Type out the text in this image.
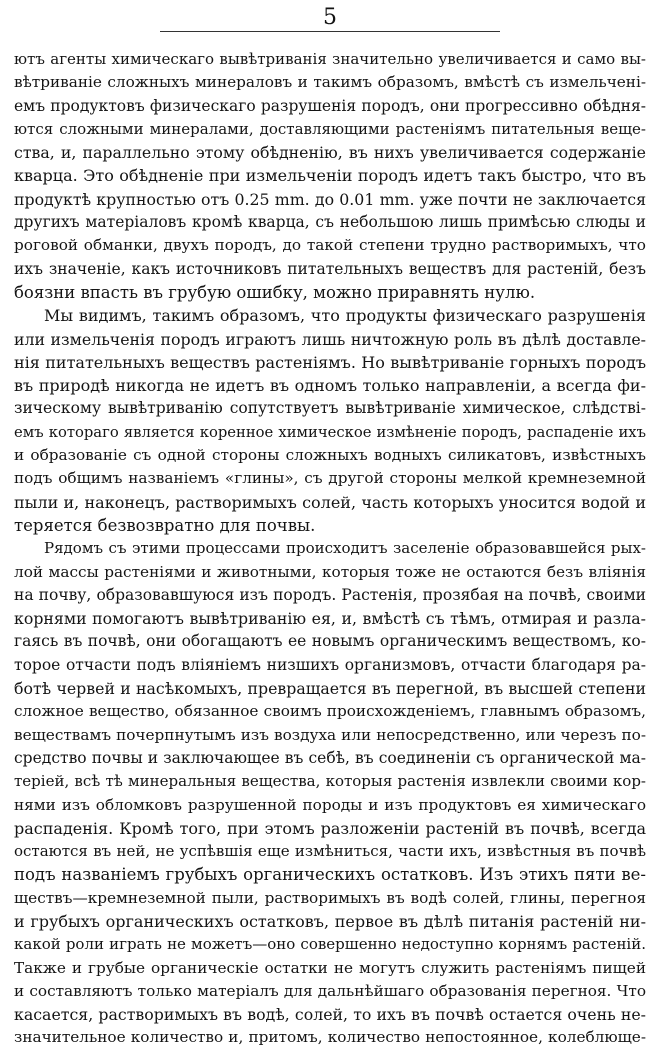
5
ютъ агенты химическаго вывѣтриванія значительно увеличивается и само вы-
вѣтриваніе сложныхъ минераловъ и такимъ образомъ, вмѣстѣ съ измельчені-
емъ продуктовъ физическаго разрушенія породъ, они прогрессивно обѣдня-
ются сложными минералами, доставляющими растеніямъ питательныя веще-
ства, и, параллельно этому обѣдненію, въ нихъ увеличивается содержаніе
кварца. Это обѣдненіе при измельченіи породъ идетъ такъ быстро, что въ
продуктѣ крупностью отъ 0.25 mm. до 0.01 mm. уже почти не заключается
другихъ матеріаловъ кромѣ кварца, съ небольшою лишь примѣсью слюды и
роговой обманки, двухъ породъ, до такой степени трудно растворимыхъ, что
ихъ значеніе, какъ источниковъ питательныхъ веществъ для растеній, безъ
боязни впасть въ грубую ошибку, можно приравнять нулю.
Мы видимъ, такимъ образомъ, что продукты физическаго разрушенія
или измельченія породъ играютъ лишь ничтожную роль въ дѣлѣ доставле-
нія питательныхъ веществъ растеніямъ. Но вывѣтриваніе горныхъ породъ
въ природѣ никогда не идетъ въ одномъ только направленіи, а всегда фи-
зическому вывѣтриванію сопутствуетъ вывѣтриваніе химическое, слѣдстві-
емъ котораго является коренное химическое измѣненіе породъ, распаденіе ихъ
и образованіе съ одной стороны сложныхъ водныхъ силикатовъ, извѣстныхъ
подъ общимъ названіемъ «глины», съ другой стороны мелкой кремнеземной
пыли и, наконецъ, растворимыхъ солей, часть которыхъ уносится водой и
теряется безвозвратно для почвы.
Рядомъ съ этими процессами происходитъ заселеніе образовавшейся рых-
лой массы растеніями и животными, которыя тоже не остаются безъ вліянія
на почву, образовавшуюся изъ породъ. Растенія, прозябая на почвѣ, своими
корнями помогаютъ вывѣтриванію ея, и, вмѣстѣ съ тѣмъ, отмирая и разла-
гаясь въ почвѣ, они обогащаютъ ее новымъ органическимъ веществомъ, ко-
торое отчасти подъ вліяніемъ низшихъ организмовъ, отчасти благодаря ра-
ботѣ червей и насѣкомыхъ, превращается въ перегной, въ высшей степени
сложное вещество, обязанное своимъ происхожденіемъ, главнымъ образомъ,
веществамъ почерпнутымъ изъ воздуха или непосредственно, или черезъ по-
средство почвы и заключающее въ себѣ, въ соединеніи съ органической ма-
теріей, всѣ тѣ минеральныя вещества, которыя растенія извлекли своими кор-
нями изъ обломковъ разрушенной породы и изъ продуктовъ ея химическаго
распаденія. Кромѣ того, при этомъ разложеніи растеній въ почвѣ, всегда
остаются въ ней, не успѣвшія еще измѣниться, части ихъ, извѣстныя въ почвѣ
подъ названіемъ грубыхъ органическихъ остатковъ. Изъ этихъ пяти ве-
ществъ—кремнеземной пыли, растворимыхъ въ водѣ солей, глины, перегноя
и грубыхъ органическихъ остатковъ, первое въ дѣлѣ питанія растеній ни-
какой роли играть не можетъ—оно совершенно недоступно корнямъ растеній.
Также и грубые органическіе остатки не могутъ служить растеніямъ пищей
и составляютъ только матеріалъ для дальнѣйшаго образованія перегноя. Что
касается, растворимыхъ въ водѣ, солей, то ихъ въ почвѣ остается очень не-
значительное количество и, притомъ, количество непостоянное, колеблюще-
